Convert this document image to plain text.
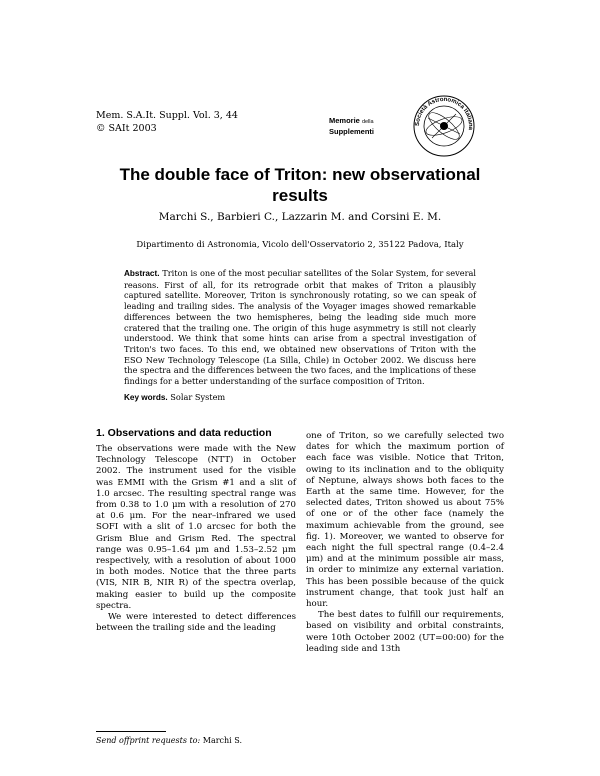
Mem. S.A.It. Suppl. Vol. 3, 44
© SAIt 2003
Memorie della
Supplementi
Società Astronomica Italiana
The double face of Triton: new observational
results
Marchi S., Barbieri C., Lazzarin M. and Corsini E. M.
Dipartimento di Astronomia, Vicolo dell'Osservatorio 2, 35122 Padova, Italy
Abstract. Triton is one of the most peculiar satellites of the Solar System, for several reasons. First of all, for its retrograde orbit that makes of Triton a plausibly captured satellite. Moreover, Triton is synchronously rotating, so we can speak of leading and trailing sides. The analysis of the Voyager images showed remarkable differences between the two hemispheres, being the leading side much more cratered that the trailing one. The origin of this huge asymmetry is still not clearly understood. We think that some hints can arise from a spectral investigation of Triton's two faces. To this end, we obtained new observations of Triton with the ESO New Technology Telescope (La Silla, Chile) in October 2002. We discuss here the spectra and the differences between the two faces, and the implications of these findings for a better understanding of the surface composition of Triton.
Key words. Solar System
1. Observations and data reduction

The observations were made with the New Technology Telescope (NTT) in October 2002. The instrument used for the visible was EMMI with the Grism #1 and a slit of 1.0 arcsec. The resulting spectral range was from 0.38 to 1.0 μm with a resolution of 270 at 0.6 μm. For the near–infrared we used SOFI with a slit of 1.0 arcsec for both the Grism Blue and Grism Red. The spectral range was 0.95–1.64 μm and 1.53–2.52 μm respectively, with a resolution of about 1000 in both modes. Notice that the three parts (VIS, NIR B, NIR R) of the spectra overlap, making easier to build up the composite spectra.

We were interested to detect differences between the trailing side and the leading

one of Triton, so we carefully selected two dates for which the maximum portion of each face was visible. Notice that Triton, owing to its inclination and to the obliquity of Neptune, always shows both faces to the Earth at the same time. However, for the selected dates, Triton showed us about 75% of one or of the other face (namely the maximum achievable from the ground, see fig. 1). Moreover, we wanted to observe for each night the full spectral range (0.4–2.4 μm) and at the minimum possible air mass, in order to minimize any external variation. This has been possible because of the quick instrument change, that took just half an hour.

The best dates to fulfill our requirements, based on visibility and orbital constraints, were 10th October 2002 (UT=00:00) for the leading side and 13th

Send offprint requests to: Marchi S.
